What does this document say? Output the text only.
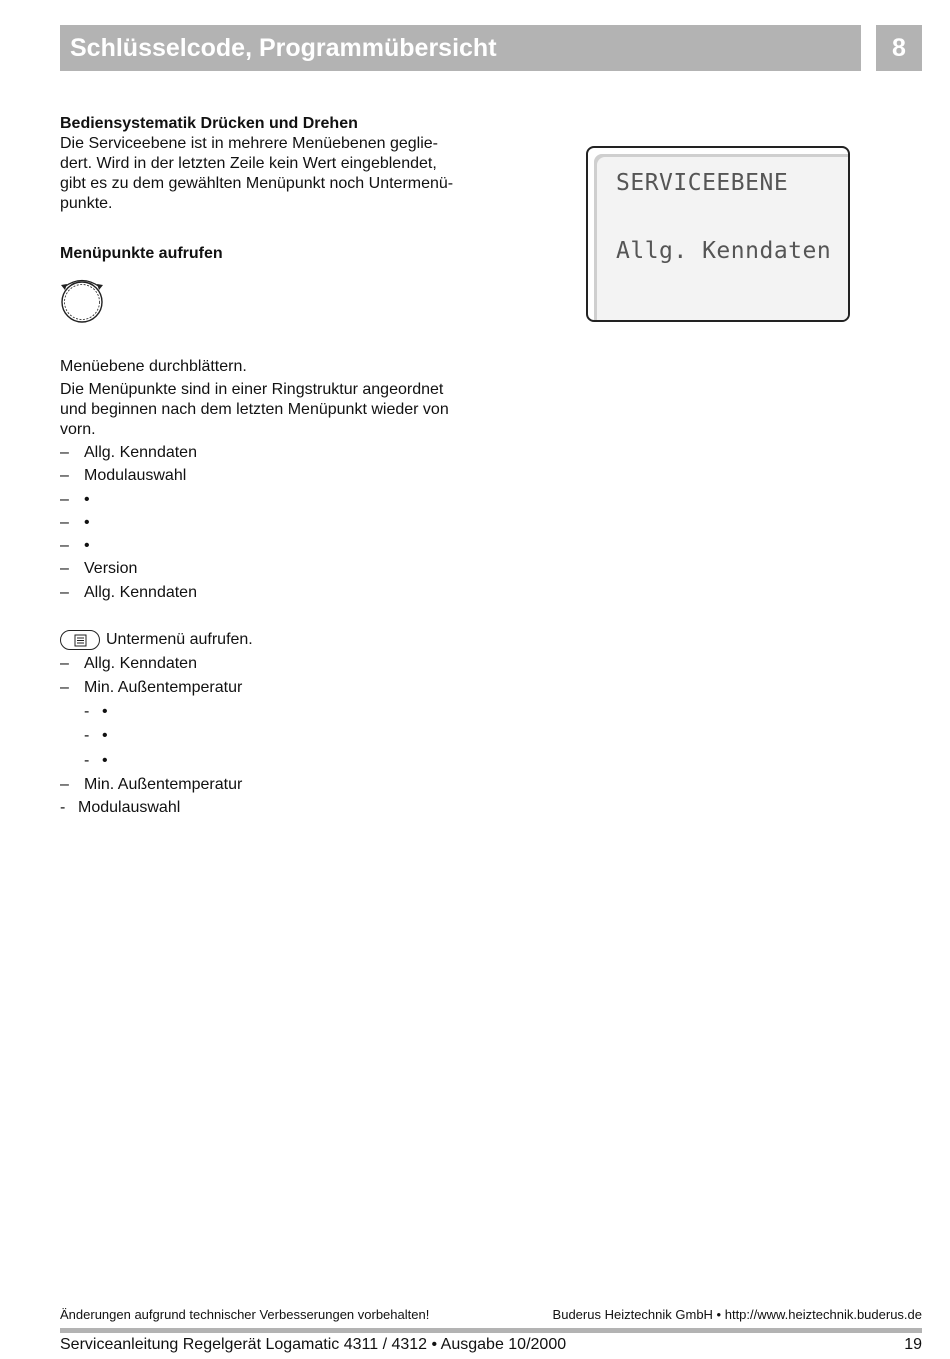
Schlüsselcode, Programmübersicht	8

Bediensystematik Drücken und Drehen

Die Serviceebene ist in mehrere Menüebenen geglie-

dert. Wird in der letzten Zeile kein Wert eingeblendet,

gibt es zu dem gewählten Menüpunkt noch Untermenü-

punkte.

Menüpunkte aufrufen

Menüebene durchblättern.

Die Menüpunkte sind in einer Ringstruktur angeordnet

und beginnen nach dem letzten Menüpunkt wieder von

vorn.

– Allg. Kenndaten
– Modulauswahl
– •
– •
– •
– Version
– Allg. Kenndaten

Untermenü aufrufen.

– Allg. Kenndaten
– Min. Außentemperatur
- •
- •
- •
– Min. Außentemperatur
- Modulauswahl
SERVICEEBENE
Allg. Kenndaten
Änderungen aufgrund technischer Verbesserungen vorbehalten!	Buderus Heiztechnik GmbH • http://www.heiztechnik.buderus.de
Serviceanleitung Regelgerät Logamatic 4311 / 4312 • Ausgabe 10/2000	19
